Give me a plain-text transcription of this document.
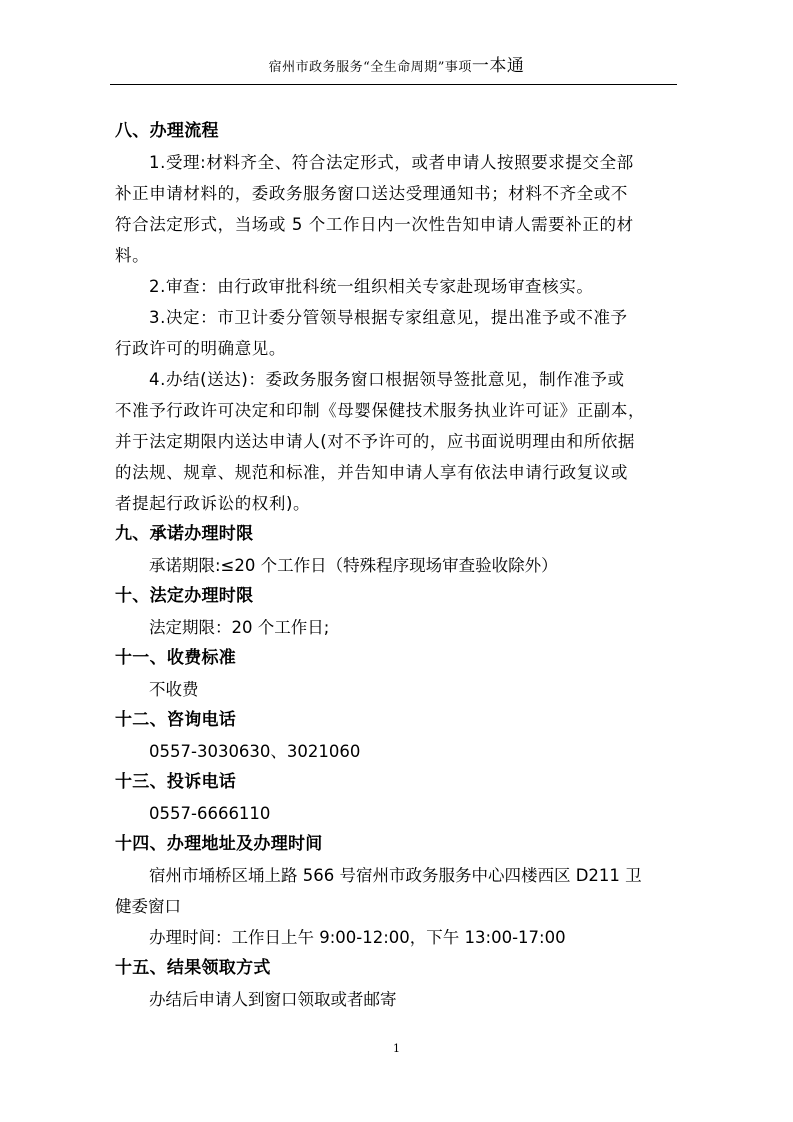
宿州市政务服务“全生命周期”事项一本通
八、办理流程
1.受理:材料齐全、符合法定形式，或者申请人按照要求提交全部
补正申请材料的，委政务服务窗口送达受理通知书；材料不齐全或不
符合法定形式，当场或 5 个工作日内一次性告知申请人需要补正的材
料。
2.审查：由行政审批科统一组织相关专家赴现场审查核实。
3.决定：市卫计委分管领导根据专家组意见，提出准予或不准予
行政许可的明确意见。
4.办结(送达)：委政务服务窗口根据领导签批意见，制作准予或
不准予行政许可决定和印制《母婴保健技术服务执业许可证》正副本，
并于法定期限内送达申请人(对不予许可的，应书面说明理由和所依据
的法规、规章、规范和标准，并告知申请人享有依法申请行政复议或
者提起行政诉讼的权利)。
九、承诺办理时限
承诺期限:≤20 个工作日（特殊程序现场审查验收除外）
十、法定办理时限
法定期限：20 个工作日;
十一、收费标准
不收费
十二、咨询电话
0557-3030630、3021060
十三、投诉电话
0557-6666110
十四、办理地址及办理时间
宿州市埇桥区埇上路 566 号宿州市政务服务中心四楼西区 D211 卫
健委窗口
办理时间：工作日上午 9:00-12:00，下午 13:00-17:00
十五、结果领取方式
办结后申请人到窗口领取或者邮寄
1
